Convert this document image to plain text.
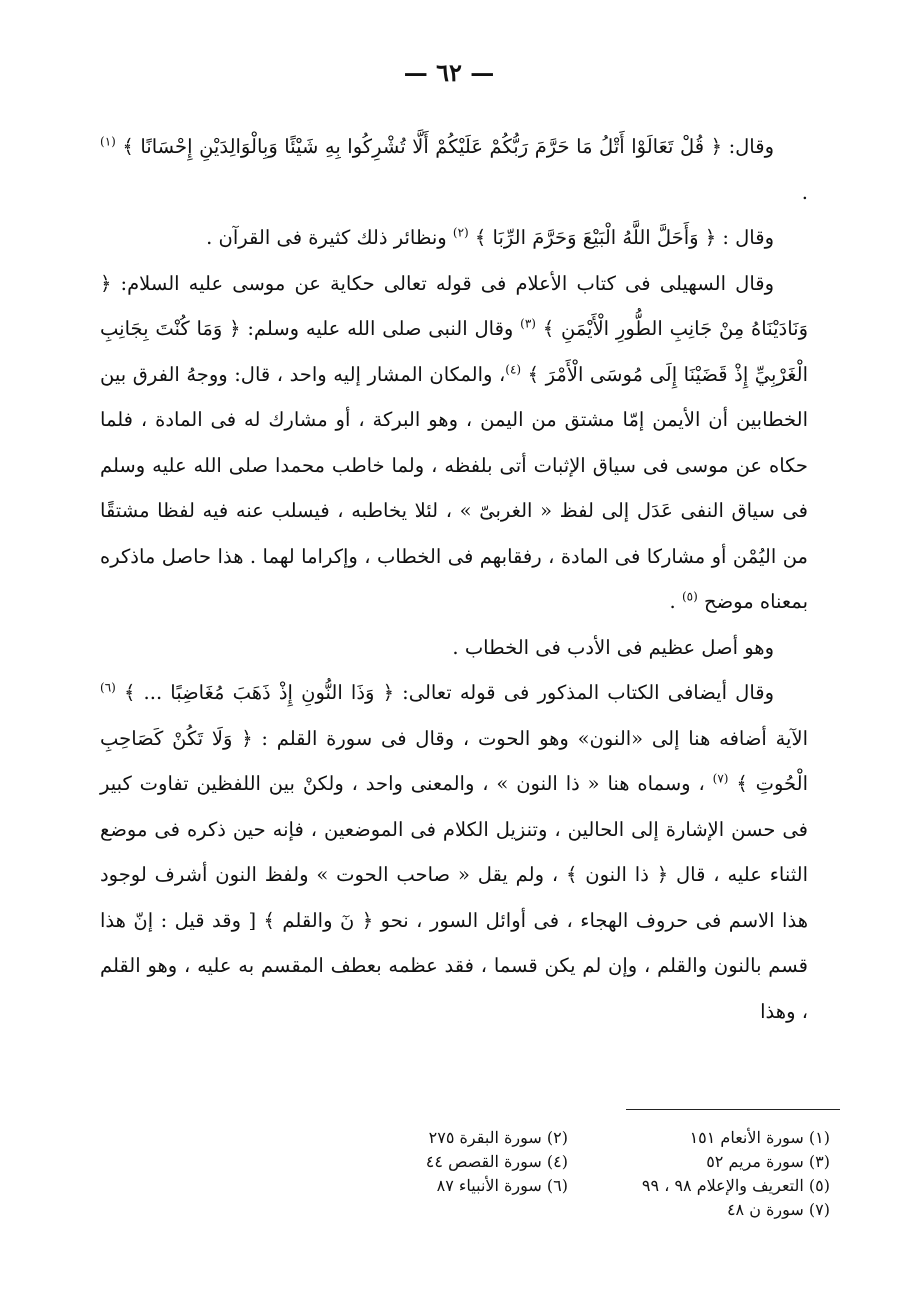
— ٦٢ —

وقال: ﴿ قُلْ تَعَالَوْا أَتْلُ مَا حَرَّمَ رَبُّكُمْ عَلَيْكُمْ أَلَّا تُشْرِكُوا بِهِ شَيْئًا وَبِالْوَالِدَيْنِ إِحْسَانًا ﴾ $^{(١)}$ .

وقال : ﴿ وَأَحَلَّ اللَّهُ الْبَيْعَ وَحَرَّمَ الرِّبَا ﴾ $^{(٢)}$ ونظائر ذلك كثيرة فى القرآن .

وقال السهيلى فى كتاب الأعلام فى قوله تعالى حكاية عن موسى عليه السلام: ﴿ وَنَادَيْنَاهُ مِنْ جَانِبِ الطُّورِ الْأَيْمَنِ ﴾ $^{(٣)}$ وقال النبى صلى الله عليه وسلم: ﴿ وَمَا كُنْتَ بِجَانِبِ الْغَرْبِيِّ إِذْ قَضَيْنَا إِلَى مُوسَى الْأَمْرَ ﴾ $^{(٤)}$، والمكان المشار إليه واحد ، قال: ووجهُ الفرق بين الخطابين أن الأيمن إمّا مشتق من اليمن ، وهو البركة ، أو مشارك له فى المادة ، فلما حكاه عن موسى فى سياق الإثبات أتى بلفظه ، ولما خاطب محمدا صلى الله عليه وسلم فى سياق النفى عَدَل إلى لفظ « الغربىّ » ، لئلا يخاطبه ، فيسلب عنه فيه لفظا مشتقًا من اليُمْن أو مشاركا فى المادة ، رفقابهم فى الخطاب ، وإكراما لهما . هذا حاصل ماذكره بمعناه موضح $^{(٥)}$ .

وهو أصل عظيم فى الأدب فى الخطاب .

وقال أيضافى الكتاب المذكور فى قوله تعالى: ﴿ وَذَا النُّونِ إِذْ ذَهَبَ مُغَاضِبًا ... ﴾ $^{(٦)}$ الآية أضافه هنا إلى «النون» وهو الحوت ، وقال فى سورة القلم : ﴿ وَلَا تَكُنْ كَصَاحِبِ الْحُوتِ ﴾ $^{(٧)}$ ، وسماه هنا « ذا النون » ، والمعنى واحد ، ولكنْ بين اللفظين تفاوت كبير فى حسن الإشارة إلى الحالين ، وتنزيل الكلام فى الموضعين ، فإنه حين ذكره فى موضع الثناء عليه ، قال ﴿ ذا النون ﴾ ، ولم يقل « صاحب الحوت » ولفظ النون أشرف لوجود هذا الاسم فى حروف الهجاء ، فى أوائل السور ، نحو ﴿ نٓ والقلم ﴾ [ وقد قيل : إنّ هذا قسم بالنون والقلم ، وإن لم يكن قسما ، فقد عظمه بعطف المقسم به عليه ، وهو القلم ، وهذا

(١) سورة الأنعام ١٥١
(٢) سورة البقرة ٢٧٥
(٣) سورة مريم ٥٢
(٤) سورة القصص ٤٤
(٥) التعريف والإعلام ٩٨ ، ٩٩
(٦) سورة الأنبياء ٨٧
(٧) سورة ن ٤٨
